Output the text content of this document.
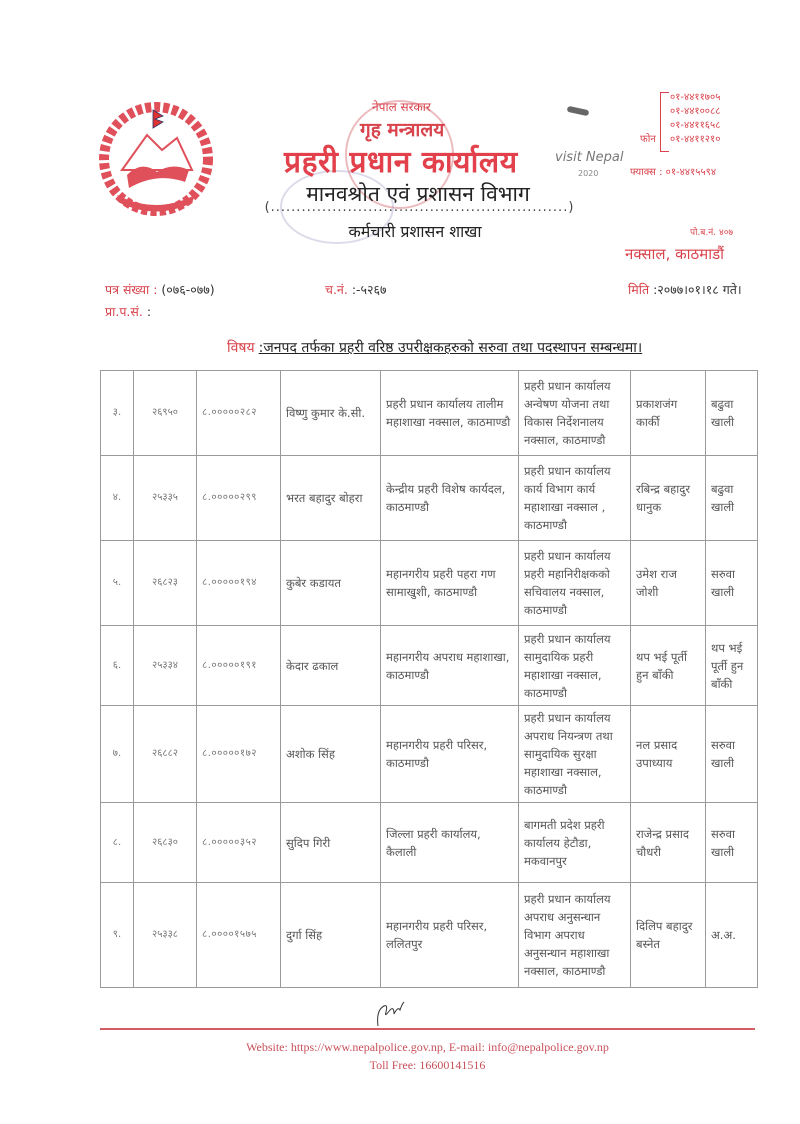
नेपाल सरकार
गृह मन्त्रालय
प्रहरी प्रधान कार्यालय
मानवश्रोत एवं प्रशासन विभाग
(..........................................................)
कर्मचारी प्रशासन शाखा
visit Nepal
2020
फोन
०१-४४११७०५
०१-४४१००८८
०१-४४११६५८
०१-४४११२१०
फ्याक्स : ०१-४४१५५९४
पो.ब.नं. ४०७
नक्साल, काठमाडौं
पत्र संख्या : (०७६-०७७)	च.नं. :-५२६७	मिति :२०७७।०१।१८ गते।
प्रा.प.सं. :
विषय :जनपद तर्फका प्रहरी वरिष्ठ उपरीक्षकहरुको सरुवा तथा पदस्थापन सम्बन्धमा।
३.	२६९५०	८.०००००२८२	विष्णु कुमार के.सी.	प्रहरी प्रधान कार्यालय तालीम महाशाखा नक्साल, काठमाण्डौ	प्रहरी प्रधान कार्यालय अन्वेषण योजना तथा विकास निर्देशनालय नक्साल, काठमाण्डौ	प्रकाशजंग कार्की	बढुवा खाली
४.	२५३३५	८.०००००२९९	भरत बहादुर बोहरा	केन्द्रीय प्रहरी विशेष कार्यदल, काठमाण्डौ	प्रहरी प्रधान कार्यालय कार्य विभाग कार्य महाशाखा नक्साल , काठमाण्डौ	रबिन्द्र बहादुर धानुक	बढुवा खाली
५.	२६८२३	८.०००००१९४	कुबेर कडायत	महानगरीय प्रहरी पहरा गण सामाखुशी, काठमाण्डौ	प्रहरी प्रधान कार्यालय प्रहरी महानिरीक्षकको सचिवालय नक्साल, काठमाण्डौ	उमेश राज जोशी	सरुवा खाली
६.	२५३३४	८.०००००१९१	केदार ढकाल	महानगरीय अपराध महाशाखा, काठमाण्डौ	प्रहरी प्रधान कार्यालय सामुदायिक प्रहरी महाशाखा नक्साल, काठमाण्डौ	थप भई पूर्ती हुन बाँकी	थप भई पूर्ती हुन बाँकी
७.	२६८८२	८.०००००१७२	अशोक सिंह	महानगरीय प्रहरी परिसर, काठमाण्डौ	प्रहरी प्रधान कार्यालय अपराध नियन्त्रण तथा सामुदायिक सुरक्षा महाशाखा नक्साल, काठमाण्डौ	नल प्रसाद उपाध्याय	सरुवा खाली
८.	२६८३०	८.०००००३५२	सुदिप गिरी	जिल्ला प्रहरी कार्यालय, कैलाली	बागमती प्रदेश प्रहरी कार्यालय हेटौडा, मकवानपुर	राजेन्द्र प्रसाद चौधरी	सरुवा खाली
९.	२५३३८	८.००००१५७५	दुर्गा सिंह	महानगरीय प्रहरी परिसर, ललितपुर	प्रहरी प्रधान कार्यालय अपराध अनुसन्धान विभाग अपराध अनुसन्धान महाशाखा नक्साल, काठमाण्डौ	दिलिप बहादुर बस्नेत	अ.अ.
Website: https://www.nepalpolice.gov.np, E-mail: info@nepalpolice.gov.np
Toll Free: 16600141516
